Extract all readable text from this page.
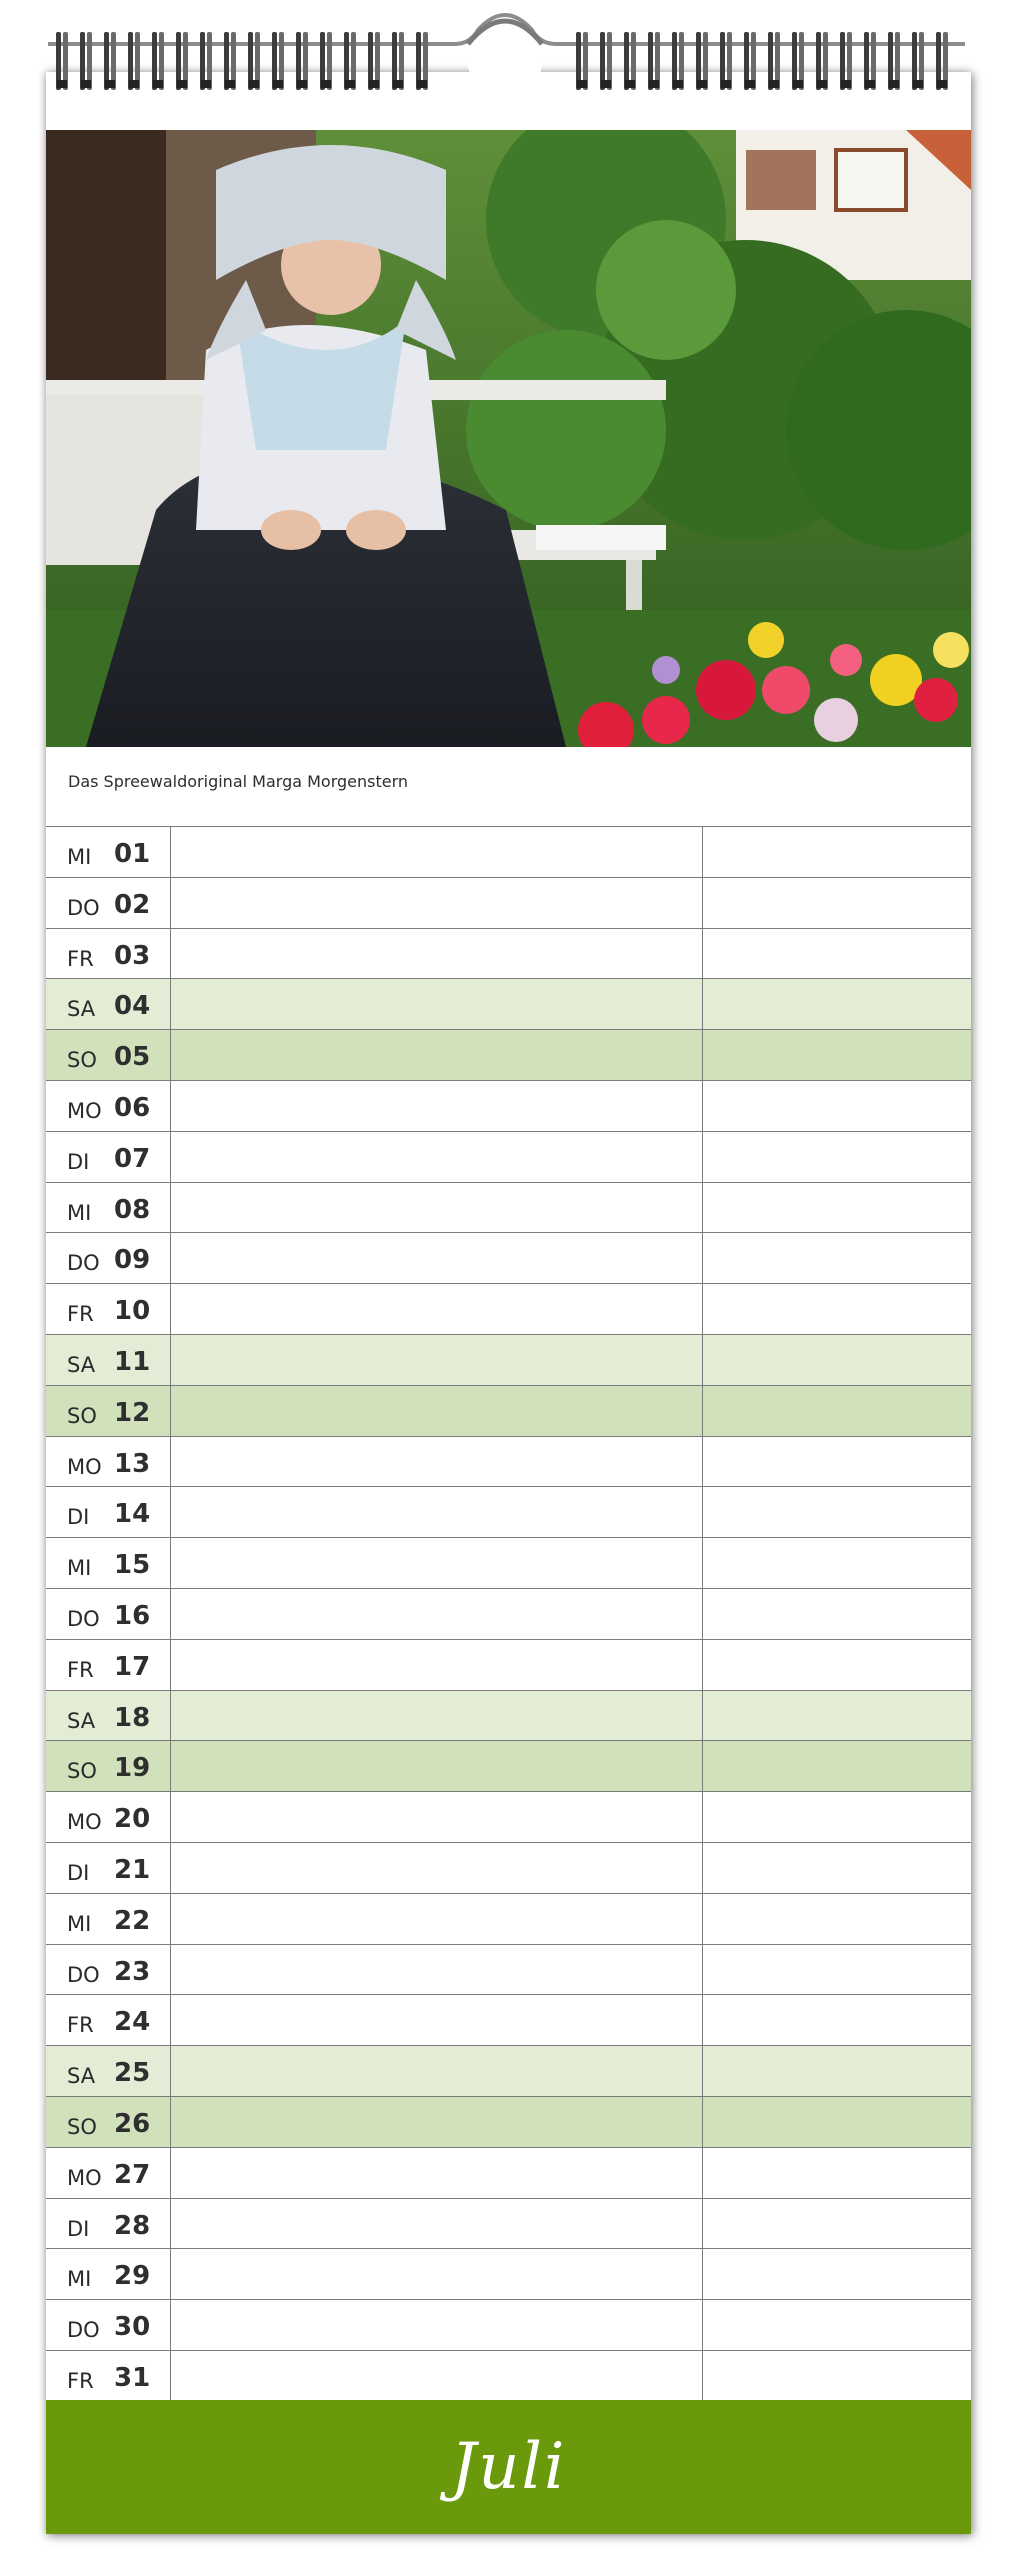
Das Spreewaldoriginal Marga Morgenstern
MI 01
DO 02
FR 03
SA 04
SO 05
MO 06
DI 07
MI 08
DO 09
FR 10
SA 11
SO 12
MO 13
DI 14
MI 15
DO 16
FR 17
SA 18
SO 19
MO 20
DI 21
MI 22
DO 23
FR 24
SA 25
SO 26
MO 27
DI 28
MI 29
DO 30
FR 31
Juli
